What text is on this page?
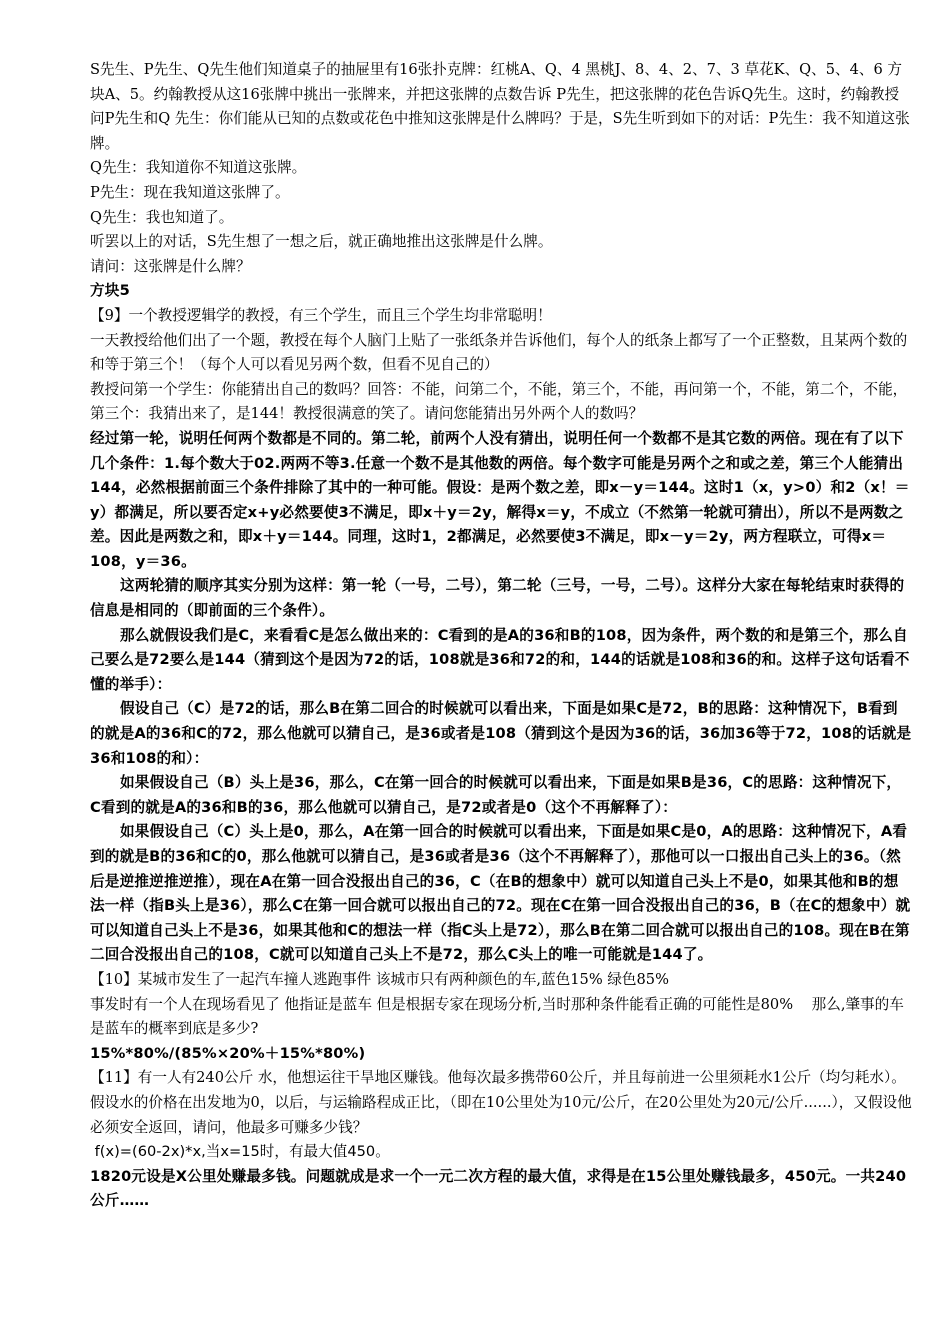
S先生、P先生、Q先生他们知道桌子的抽屉里有16张扑克牌：红桃A、Q、4 黑桃J、8、4、2、7、3 草花K、Q、5、4、6 方块A、5。约翰教授从这16张牌中挑出一张牌来，并把这张牌的点数告诉 P先生，把这张牌的花色告诉Q先生。这时，约翰教授问P先生和Q 先生：你们能从已知的点数或花色中推知这张牌是什么牌吗？于是，S先生听到如下的对话：P先生：我不知道这张牌。

Q先生：我知道你不知道这张牌。

P先生：现在我知道这张牌了。

Q先生：我也知道了。

听罢以上的对话，S先生想了一想之后，就正确地推出这张牌是什么牌。

请问：这张牌是什么牌？

方块5

【9】一个教授逻辑学的教授，有三个学生，而且三个学生均非常聪明！

一天教授给他们出了一个题，教授在每个人脑门上贴了一张纸条并告诉他们，每个人的纸条上都写了一个正整数，且某两个数的和等于第三个！（每个人可以看见另两个数，但看不见自己的）

教授问第一个学生：你能猜出自己的数吗？回答：不能，问第二个，不能，第三个，不能，再问第一个，不能，第二个，不能，第三个：我猜出来了，是144！教授很满意的笑了。请问您能猜出另外两个人的数吗？

经过第一轮，说明任何两个数都是不同的。第二轮，前两个人没有猜出，说明任何一个数都不是其它数的两倍。现在有了以下几个条件：1.每个数大于02.两两不等3.任意一个数不是其他数的两倍。每个数字可能是另两个之和或之差，第三个人能猜出144，必然根据前面三个条件排除了其中的一种可能。假设：是两个数之差，即x－y＝144。这时1（x，y>0）和2（x！＝y）都满足，所以要否定x+y必然要使3不满足，即x＋y＝2y，解得x＝y，不成立（不然第一轮就可猜出），所以不是两数之差。因此是两数之和，即x＋y＝144。同理，这时1，2都满足，必然要使3不满足，即x－y＝2y，两方程联立，可得x＝108，y＝36。

这两轮猜的顺序其实分别为这样：第一轮（一号，二号），第二轮（三号，一号，二号）。这样分大家在每轮结束时获得的信息是相同的（即前面的三个条件）。

那么就假设我们是C，来看看C是怎么做出来的：C看到的是A的36和B的108，因为条件，两个数的和是第三个，那么自己要么是72要么是144（猜到这个是因为72的话，108就是36和72的和，144的话就是108和36的和。这样子这句话看不懂的举手）：

假设自己（C）是72的话，那么B在第二回合的时候就可以看出来，下面是如果C是72，B的思路：这种情况下，B看到的就是A的36和C的72，那么他就可以猜自己，是36或者是108（猜到这个是因为36的话，36加36等于72，108的话就是36和108的和）：

如果假设自己（B）头上是36，那么，C在第一回合的时候就可以看出来，下面是如果B是36，C的思路：这种情况下，C看到的就是A的36和B的36，那么他就可以猜自己，是72或者是0（这个不再解释了）：

如果假设自己（C）头上是0，那么，A在第一回合的时候就可以看出来，下面是如果C是0，A的思路：这种情况下，A看到的就是B的36和C的0，那么他就可以猜自己，是36或者是36（这个不再解释了），那他可以一口报出自己头上的36。（然后是逆推逆推逆推），现在A在第一回合没报出自己的36，C（在B的想象中）就可以知道自己头上不是0，如果其他和B的想法一样（指B头上是36），那么C在第一回合就可以报出自己的72。现在C在第一回合没报出自己的36，B（在C的想象中）就可以知道自己头上不是36，如果其他和C的想法一样（指C头上是72），那么B在第二回合就可以报出自己的108。现在B在第二回合没报出自己的108，C就可以知道自己头上不是72，那么C头上的唯一可能就是144了。

【10】某城市发生了一起汽车撞人逃跑事件 该城市只有两种颜色的车,蓝色15% 绿色85%

事发时有一个人在现场看见了 他指证是蓝车 但是根据专家在现场分析,当时那种条件能看正确的可能性是80%    那么,肇事的车是蓝车的概率到底是多少?

15%*80%/(85%×20%＋15%*80%)

【11】有一人有240公斤 水，他想运往干旱地区赚钱。他每次最多携带60公斤，并且每前进一公里须耗水1公斤（均匀耗水）。假设水的价格在出发地为0，以后，与运输路程成正比，（即在10公里处为10元/公斤，在20公里处为20元/公斤......），又假设他必须安全返回，请问，他最多可赚多少钱？

f(x)=(60-2x)*x,当x=15时，有最大值450。

1820元设是X公里处赚最多钱。问题就成是求一个一元二次方程的最大值，求得是在15公里处赚钱最多，450元。一共240公斤……
